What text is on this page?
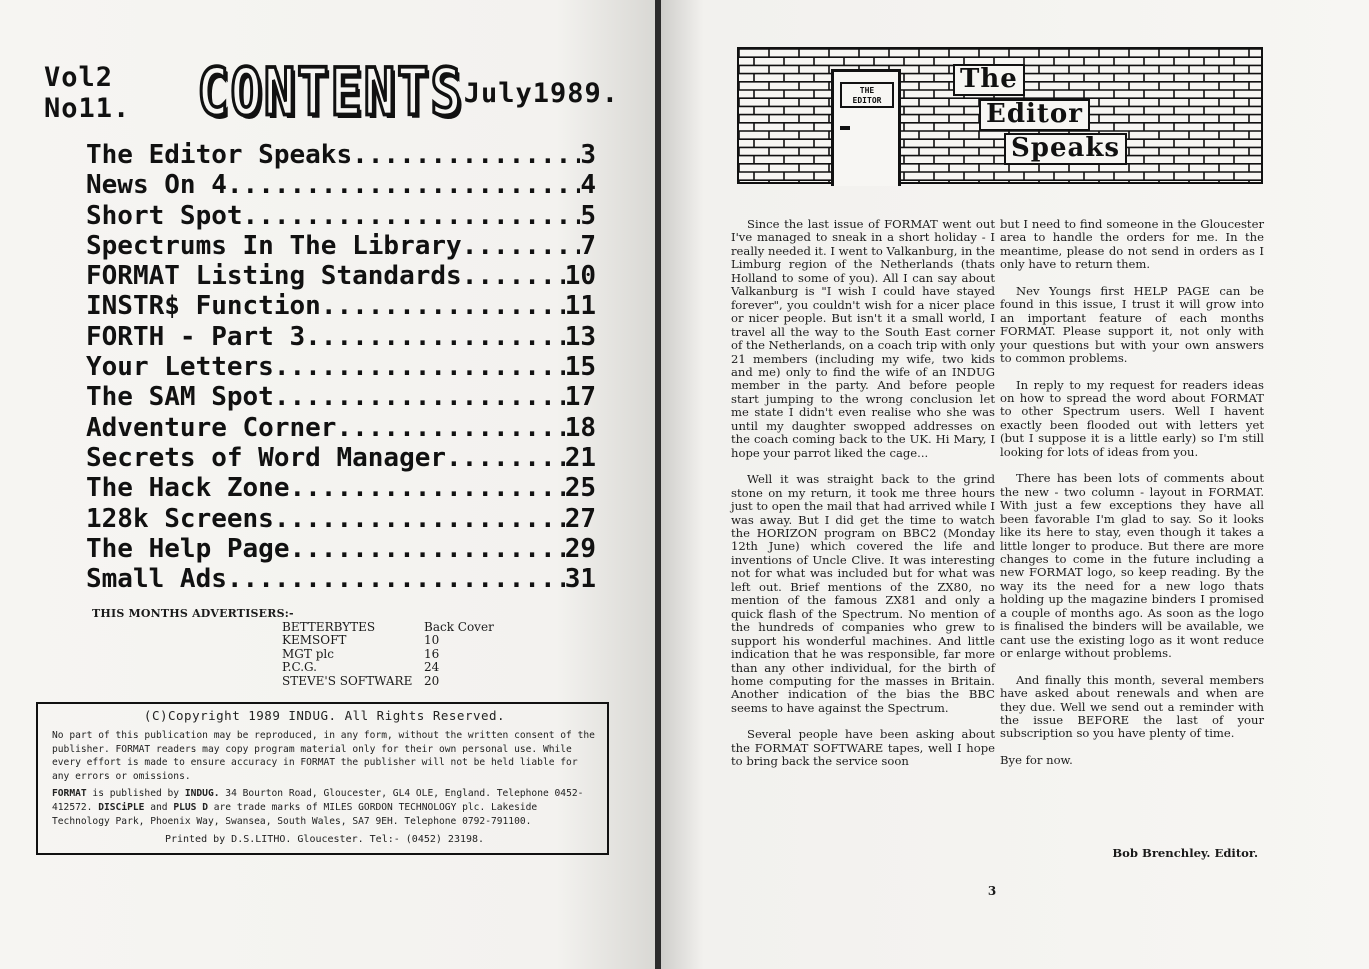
Vol2 No11.	CONTENTS July1989.
The Editor Speaks .....	3
News On 4 .....	4
Short Spot .....	5
Spectrums In The Library .....	7
FORMAT Listing Standards .....	10
INSTR$ Function .....	11
FORTH - Part 3 .....	13
Your Letters .....	15
The SAM Spot .....	17
Adventure Corner .....	18
Secrets of Word Manager .....	21
The Hack Zone .....	25
128k Screens .....	27
The Help Page .....	29
Small Ads .....	31
THIS MONTHS ADVERTISERS:-
BETTERBYTES	Back Cover
KEMSOFT	10
MGT plc	16
P.C.G.	24
STEVE'S SOFTWARE	20
(C)Copyright 1989 INDUG. All Rights Reserved.

No part of this publication may be reproduced, in any form, without the written consent of the publisher. FORMAT readers may copy program material only for their own personal use. While every effort is made to ensure accuracy in FORMAT the publisher will not be held liable for any errors or omissions.

FORMAT is published by INDUG. 34 Bourton Road, Gloucester, GL4 OLE, England. Telephone 0452-412572. DISCiPLE and PLUS D are trade marks of MILES GORDON TECHNOLOGY plc. Lakeside Technology Park, Phoenix Way, Swansea, South Wales, SA7 9EH. Telephone 0792-791100.

Printed by D.S.LITHO. Gloucester. Tel:- (0452) 23198.
THE
EDITOR
The
Editor
Speaks

Since the last issue of FORMAT went out I've managed to sneak in a short holiday - I really needed it. I went to Valkanburg, in the Limburg region of the Netherlands (thats Holland to some of you). All I can say about Valkanburg is "I wish I could have stayed forever", you couldn't wish for a nicer place or nicer people. But isn't it a small world, I travel all the way to the South East corner of the Netherlands, on a coach trip with only 21 members (including my wife, two kids and me) only to find the wife of an INDUG member in the party. And before people start jumping to the wrong conclusion let me state I didn't even realise who she was until my daughter swopped addresses on the coach coming back to the UK. Hi Mary, I hope your parrot liked the cage...

Well it was straight back to the grind stone on my return, it took me three hours just to open the mail that had arrived while I was away. But I did get the time to watch the HORIZON program on BBC2 (Monday 12th June) which covered the life and inventions of Uncle Clive. It was interesting not for what was included but for what was left out. Brief mentions of the ZX80, no mention of the famous ZX81 and only a quick flash of the Spectrum. No mention of the hundreds of companies who grew to support his wonderful machines. And little indication that he was responsible, far more than any other individual, for the birth of home computing for the masses in Britain. Another indication of the bias the BBC seems to have against the Spectrum.

Several people have been asking about the FORMAT SOFTWARE tapes, well I hope to bring back the service soon

but I need to find someone in the Gloucester area to handle the orders for me. In the meantime, please do not send in orders as I only have to return them.

Nev Youngs first HELP PAGE can be found in this issue, I trust it will grow into an important feature of each months FORMAT. Please support it, not only with your questions but with your own answers to common problems.

In reply to my request for readers ideas on how to spread the word about FORMAT to other Spectrum users. Well I havent exactly been flooded out with letters yet (but I suppose it is a little early) so I'm still looking for lots of ideas from you.

There has been lots of comments about the new - two column - layout in FORMAT. With just a few exceptions they have all been favorable I'm glad to say. So it looks like its here to stay, even though it takes a little longer to produce. But there are more changes to come in the future including a new FORMAT logo, so keep reading. By the way its the need for a new logo thats holding up the magazine binders I promised a couple of months ago. As soon as the logo is finalised the binders will be available, we cant use the existing logo as it wont reduce or enlarge without problems.

And finally this month, several members have asked about renewals and when are they due. Well we send out a reminder with the issue BEFORE the last of your subscription so you have plenty of time.

Bye for now.

Bob Brenchley. Editor.
3
